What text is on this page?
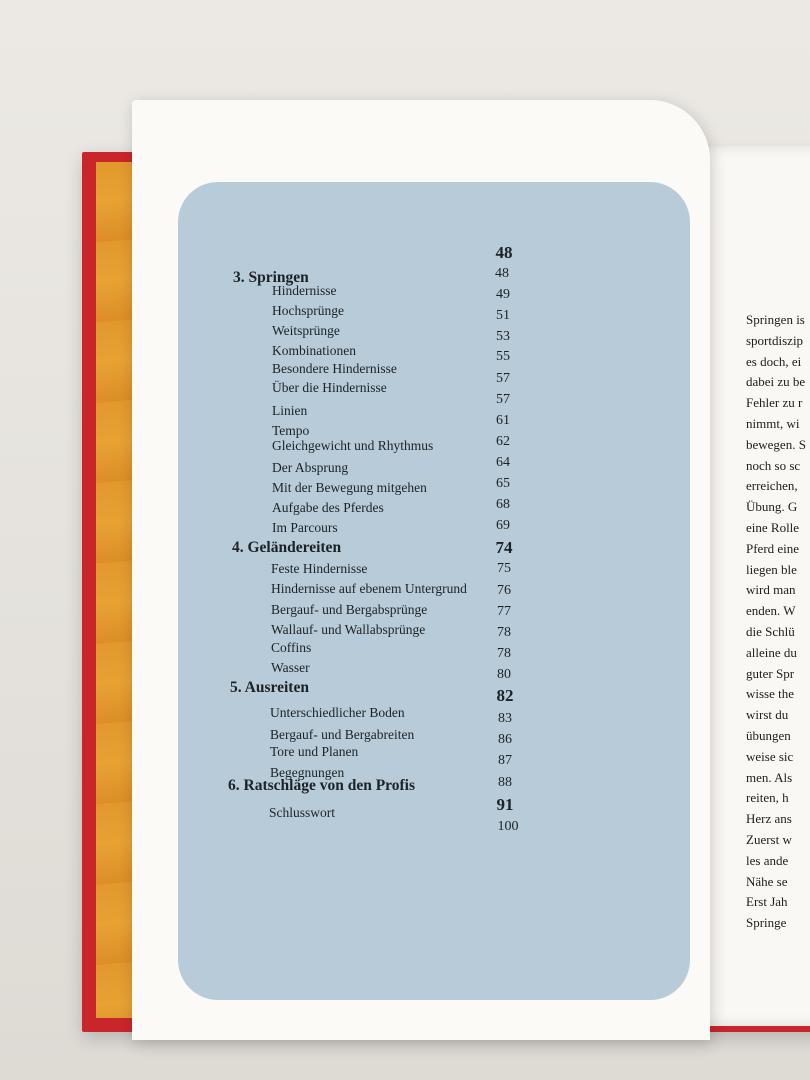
Springen is
sportdiszip
es doch, ei
dabei zu be
Fehler zu r
nimmt, wi
bewegen. S
noch so sc
erreichen,
Übung. G
eine Rolle
Pferd eine
liegen ble
wird man
enden. W
die Schlü
alleine du
guter Spr
wisse the
wirst du
übungen
weise sic
men. Als
reiten, h
Herz ans
Zuerst w
les ande
Nähe se
Erst Jah
Springe
48
3. Springen
4. Geländereiten
5. Ausreiten
6. Ratschläge von den Profis
48
74
82
91
Hindernisse
Hochsprünge
Weitsprünge
Kombinationen
Besondere Hindernisse
Über die Hindernisse
Linien
Tempo
Gleichgewicht und Rhythmus
Der Absprung
Mit der Bewegung mitgehen
Aufgabe des Pferdes
Im Parcours
Feste Hindernisse
Hindernisse auf ebenem Untergrund
Bergauf- und Bergabsprünge
Wallauf- und Wallabsprünge
Coffins
Wasser
Unterschiedlicher Boden
Bergauf- und Bergabreiten
Tore und Planen
Begegnungen
Schlusswort
49
51
53
55
57
57
61
62
64
65
68
69
75
76
77
78
78
80
83
86
87
88
100
